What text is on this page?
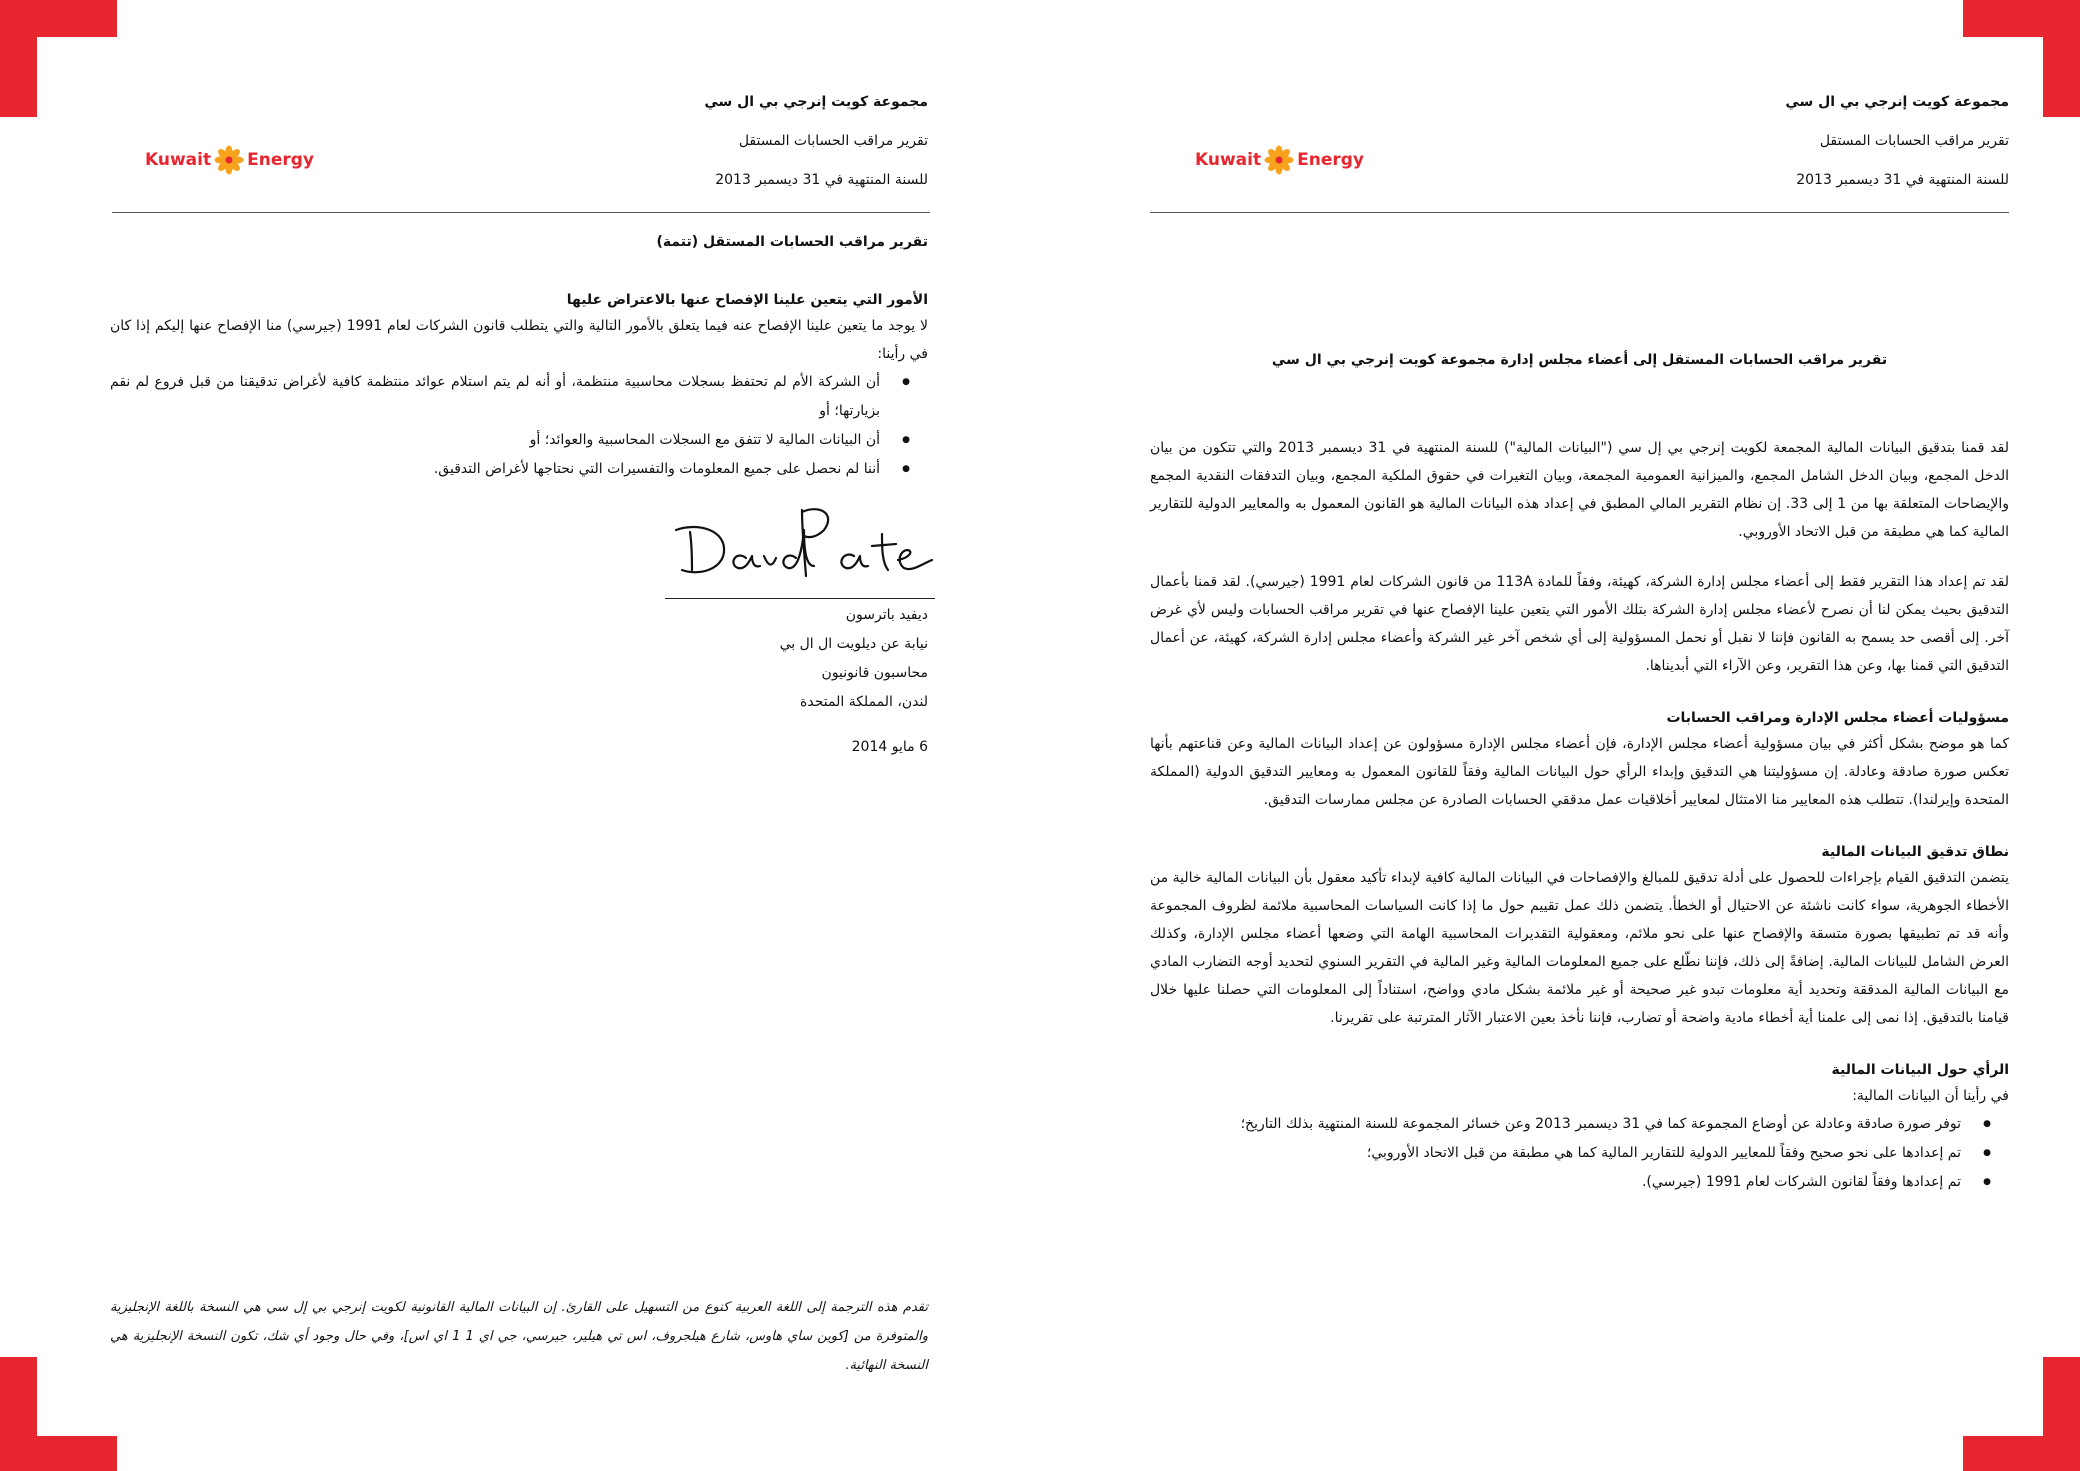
مجموعة كويت إنرجي بي ال سي
تقرير مراقب الحسابات المستقل
للسنة المنتهية في 31 ديسمبر 2013
Kuwait Energy

تقرير مراقب الحسابات المستقل (تتمة)

الأمور التي يتعين علينا الإفصاح عنها بالاعتراض عليها

لا يوجد ما يتعين علينا الإفصاح عنه فيما يتعلق بالأمور التالية والتي يتطلب قانون الشركات لعام 1991 (جيرسي) منا الإفصاح عنها إليكم إذا كان في رأينا:

● أن الشركة الأم لم تحتفظ بسجلات محاسبية منتظمة، أو أنه لم يتم استلام عوائد منتظمة كافية لأغراض تدقيقنا من قبل فروع لم نقم بزيارتها؛ أو
● أن البيانات المالية لا تتفق مع السجلات المحاسبية والعوائد؛ أو
● أننا لم نحصل على جميع المعلومات والتفسيرات التي نحتاجها لأغراض التدقيق.
ديفيد باترسون
نيابة عن ديلويت ال ال بي
محاسبون قانونيون
لندن، المملكة المتحدة
6 مايو 2014
تقدم هذه الترجمة إلى اللغة العربية كنوع من التسهيل على القارئ. إن البيانات المالية القانونية لكويت إنرجي بي إل سي هي النسخة باللغة الإنجليزية والمتوفرة من [كوين ساي هاوس، شارع هيلجروف، اس تي هيلير، جيرسي، جي اي 1 1 اي اس]، وفي حال وجود أي شك، تكون النسخة الإنجليزية هي النسخة النهائية.
مجموعة كويت إنرجي بي ال سي
تقرير مراقب الحسابات المستقل
للسنة المنتهية في 31 ديسمبر 2013
Kuwait Energy
تقرير مراقب الحسابات المستقل إلى أعضاء مجلس إدارة مجموعة كويت إنرجي بي ال سي

لقد قمنا بتدقيق البيانات المالية المجمعة لكويت إنرجي بي إل سي ("البيانات المالية") للسنة المنتهية في 31 ديسمبر 2013 والتي تتكون من بيان الدخل المجمع، وبيان الدخل الشامل المجمع، والميزانية العمومية المجمعة، وبيان التغيرات في حقوق الملكية المجمع، وبيان التدفقات النقدية المجمع والإيضاحات المتعلقة بها من 1 إلى 33. إن نظام التقرير المالي المطبق في إعداد هذه البيانات المالية هو القانون المعمول به والمعايير الدولية للتقارير المالية كما هي مطبقة من قبل الاتحاد الأوروبي.

لقد تم إعداد هذا التقرير فقط إلى أعضاء مجلس إدارة الشركة، كهيئة، وفقاً للمادة 113A من قانون الشركات لعام 1991 (جيرسي). لقد قمنا بأعمال التدقيق بحيث يمكن لنا أن نصرح لأعضاء مجلس إدارة الشركة بتلك الأمور التي يتعين علينا الإفصاح عنها في تقرير مراقب الحسابات وليس لأي غرض آخر. إلى أقصى حد يسمح به القانون فإننا لا نقبل أو نحمل المسؤولية إلى أي شخص آخر غير الشركة وأعضاء مجلس إدارة الشركة، كهيئة، عن أعمال التدقيق التي قمنا بها، وعن هذا التقرير، وعن الآراء التي أبديناها.

مسؤوليات أعضاء مجلس الإدارة ومراقب الحسابات

كما هو موضح بشكل أكثر في بيان مسؤولية أعضاء مجلس الإدارة، فإن أعضاء مجلس الإدارة مسؤولون عن إعداد البيانات المالية وعن قناعتهم بأنها تعكس صورة صادقة وعادلة. إن مسؤوليتنا هي التدقيق وإبداء الرأي حول البيانات المالية وفقاً للقانون المعمول به ومعايير التدقيق الدولية (المملكة المتحدة وإيرلندا). تتطلب هذه المعايير منا الامتثال لمعايير أخلاقيات عمل مدققي الحسابات الصادرة عن مجلس ممارسات التدقيق.

نطاق تدقيق البيانات المالية

يتضمن التدقيق القيام بإجراءات للحصول على أدلة تدقيق للمبالغ والإفصاحات في البيانات المالية كافية لإبداء تأكيد معقول بأن البيانات المالية خالية من الأخطاء الجوهرية، سواء كانت ناشئة عن الاحتيال أو الخطأ. يتضمن ذلك عمل تقييم حول ما إذا كانت السياسات المحاسبية ملائمة لظروف المجموعة وأنه قد تم تطبيقها بصورة متسقة والإفصاح عنها على نحو ملائم، ومعقولية التقديرات المحاسبية الهامة التي وضعها أعضاء مجلس الإدارة، وكذلك العرض الشامل للبيانات المالية. إضافةً إلى ذلك، فإننا نطّلع على جميع المعلومات المالية وغير المالية في التقرير السنوي لتحديد أوجه التضارب المادي مع البيانات المالية المدققة وتحديد أية معلومات تبدو غير صحيحة أو غير ملائمة بشكل مادي وواضح، استناداً إلى المعلومات التي حصلنا عليها خلال قيامنا بالتدقيق. إذا نمى إلى علمنا أية أخطاء مادية واضحة أو تضارب، فإننا نأخذ بعين الاعتبار الآثار المترتبة على تقريرنا.

الرأي حول البيانات المالية

في رأينا أن البيانات المالية:

● توفر صورة صادقة وعادلة عن أوضاع المجموعة كما في 31 ديسمبر 2013 وعن خسائر المجموعة للسنة المنتهية بذلك التاريخ؛
● تم إعدادها على نحو صحيح وفقاً للمعايير الدولية للتقارير المالية كما هي مطبقة من قبل الاتحاد الأوروبي؛
● تم إعدادها وفقاً لقانون الشركات لعام 1991 (جيرسي).
